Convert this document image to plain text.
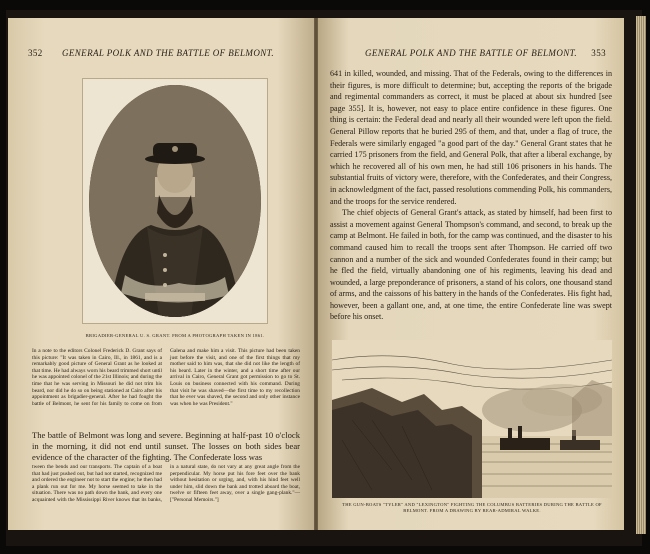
352	GENERAL POLK AND THE BATTLE OF BELMONT.
BRIGADIER-GENERAL U. S. GRANT. FROM A PHOTOGRAPH TAKEN IN 1861.
In a note to the editors Colonel Frederick D. Grant says of this picture: "It was taken in Cairo, Ill., in 1861, and is a remarkably good picture of General Grant as he looked at that time. He had always worn his beard trimmed short until he was appointed colonel of the 21st Illinois; and during the time that he was serving in Missouri he did not trim his beard, nor did he do so on being stationed at Cairo after his appointment as brigadier-general. After he had fought the battle of Belmont, he sent for his family to come on from Galena and make him a visit. This picture had been taken just before the visit, and one of the first things that my mother said to him was, that she did not like the length of his beard. Later in the winter, and a short time after our arrival in Cairo, General Grant got permission to go to St. Louis on business connected with his command. During that visit he was shaved—the first time to my recollection that he ever was shaved, the second and only other instance was when he was President."
The battle of Belmont was long and severe. Beginning at half-past 10 o'clock in the morning, it did not end until sunset. The losses on both sides bear evidence of the character of the fighting. The Confederate loss was
tween the bends and our transports. The captain of a boat that had just pushed out, but had not started, recognized me and ordered the engineer not to start the engine; he then had a plank run out for me. My horse seemed to take in the situation. There was no path down the bank, and every one acquainted with the Mississippi River knows that its banks, in a natural state, do not vary at any great angle from the perpendicular. My horse put his fore feet over the bank without hesitation or urging, and, with his hind feet well under him, slid down the bank and trotted aboard the boat, twelve or fifteen feet away, over a single gang-plank."—["Personal Memoirs."]
GENERAL POLK AND THE BATTLE OF BELMONT.	353

641 in killed, wounded, and missing. That of the Federals, owing to the differences in their figures, is more difficult to determine; but, accepting the reports of the brigade and regimental commanders as correct, it must be placed at about six hundred [see page 355]. It is, however, not easy to place entire confidence in these figures. One thing is certain: the Federal dead and nearly all their wounded were left upon the field. General Pillow reports that he buried 295 of them, and that, under a flag of truce, the Federals were similarly engaged "a good part of the day." General Grant states that he carried 175 prisoners from the field, and General Polk, that after a liberal exchange, by which he recovered all of his own men, he had still 106 prisoners in his hands. The substantial fruits of victory were, therefore, with the Confederates, and their Congress, in acknowledgment of the fact, passed resolutions commending Polk, his commanders, and the troops for the service rendered.

The chief objects of General Grant's attack, as stated by himself, had been first to assist a movement against General Thompson's command, and second, to break up the camp at Belmont. He failed in both, for the camp was continued, and the disaster to his command caused him to recall the troops sent after Thompson. He carried off two cannon and a number of the sick and wounded Confederates found in their camp; but he fled the field, virtually abandoning one of his regiments, leaving his dead and wounded, a large preponderance of prisoners, a stand of his colors, one thousand stand of arms, and the caissons of his battery in the hands of the Confederates. His fight had, however, been a gallant one, and, at one time, the entire Confederate line was swept before his onset.

THE GUN-BOATS "TYLER" AND "LEXINGTON" FIGHTING THE COLUMBUS BATTERIES DURING THE BATTLE OF BELMONT. FROM A DRAWING BY REAR-ADMIRAL WALKE.
